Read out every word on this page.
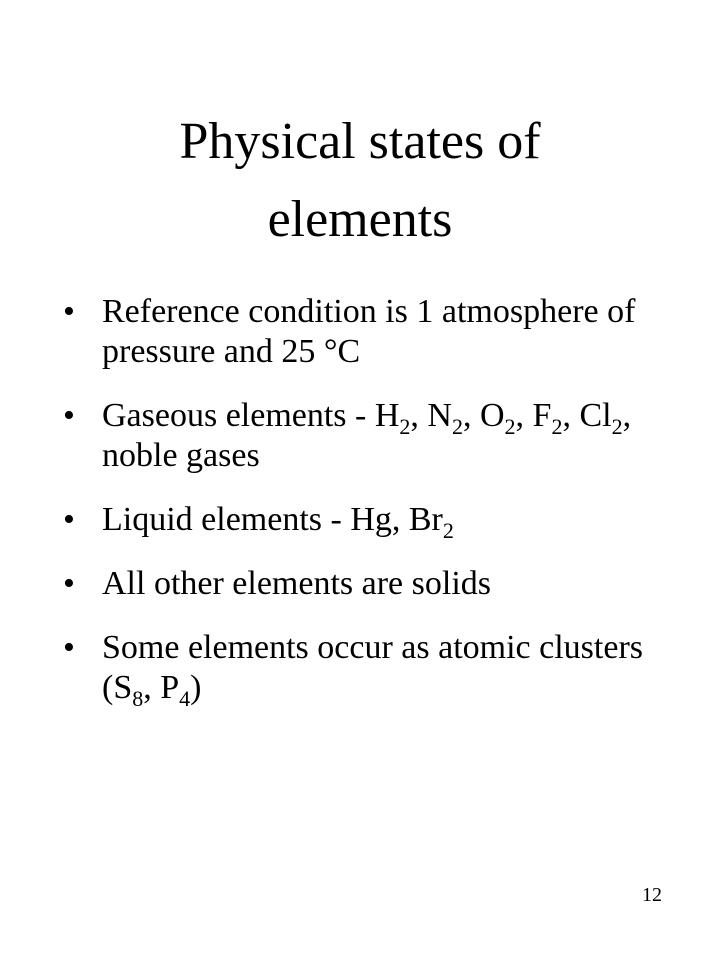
Physical states of
elements
• Reference condition is 1 atmosphere of pressure and 25 °C
• Gaseous elements - $H_2$, $N_2$, $O_2$, $F_2$, $Cl_2$, noble gases
• Liquid elements - Hg, $Br_2$
• All other elements are solids
• Some elements occur as atomic clusters ($S_8$, $P_4$)
12
